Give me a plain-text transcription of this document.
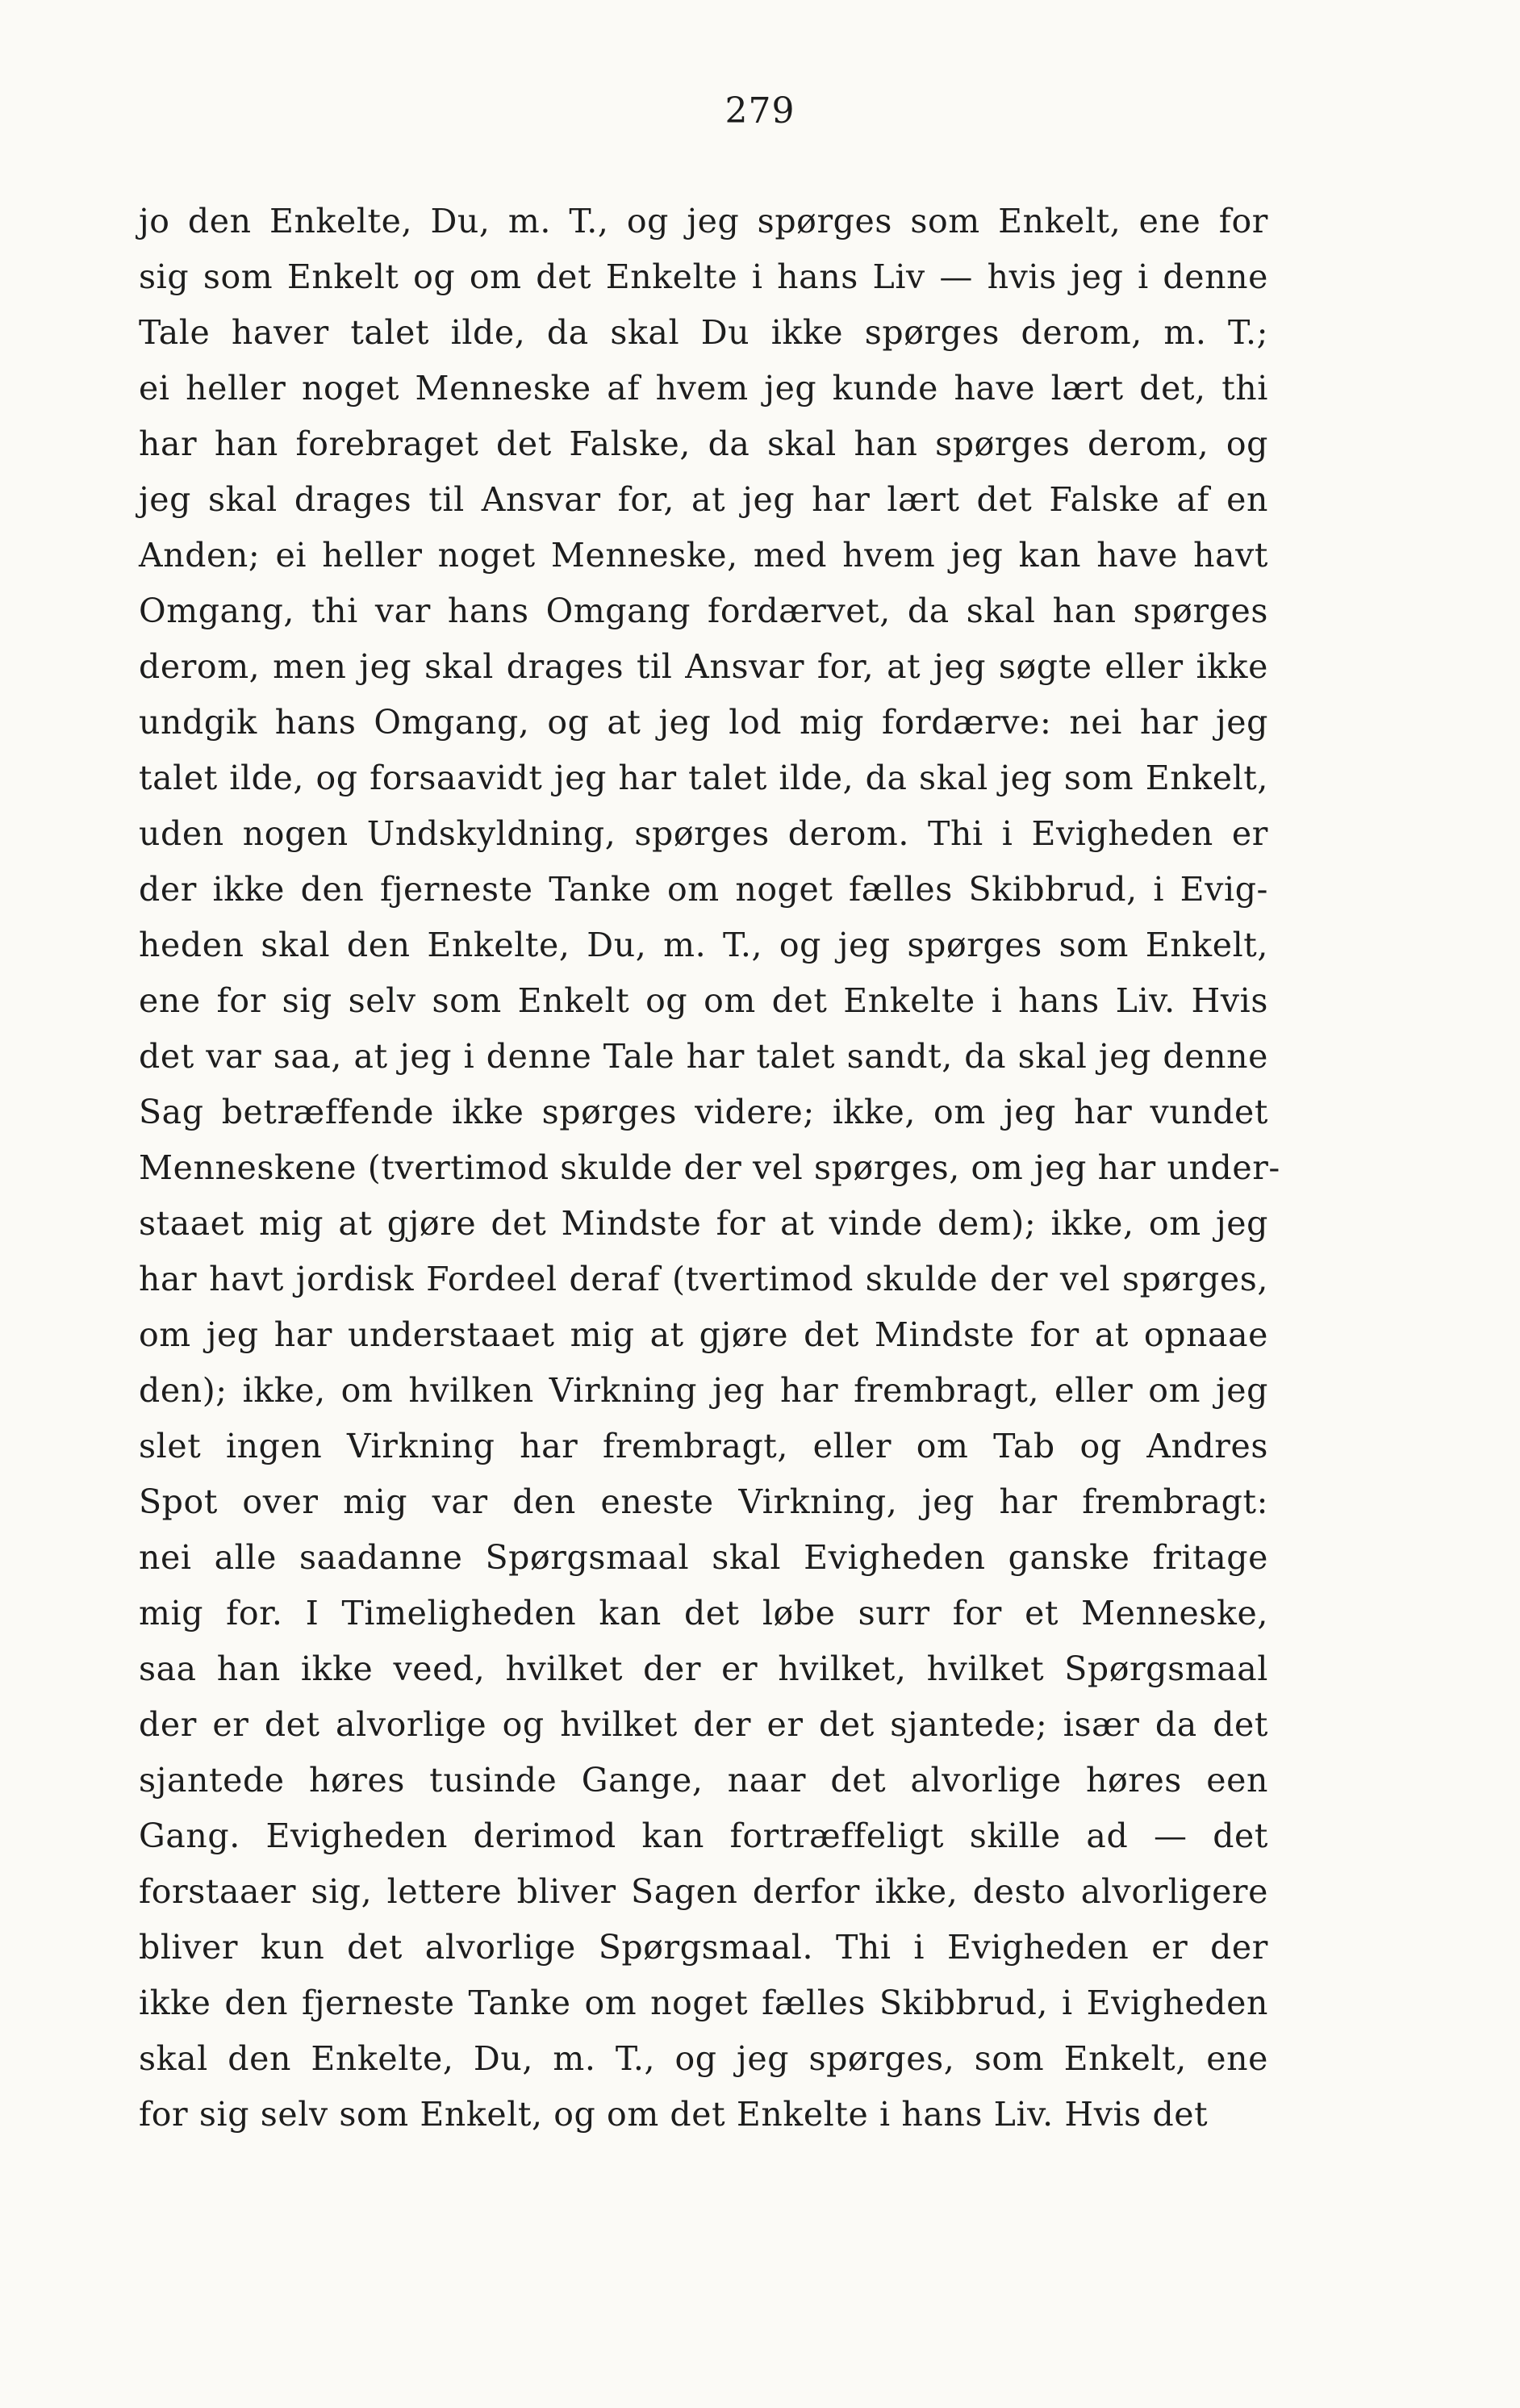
279
jo den Enkelte, Du, m. T., og jeg spørges som Enkelt, ene for
sig som Enkelt og om det Enkelte i hans Liv — hvis jeg i denne
Tale haver talet ilde, da skal Du ikke spørges derom, m. T.;
ei heller noget Menneske af hvem jeg kunde have lært det, thi
har han forebraget det Falske, da skal han spørges derom, og
jeg skal drages til Ansvar for, at jeg har lært det Falske af en
Anden; ei heller noget Menneske, med hvem jeg kan have havt
Omgang, thi var hans Omgang fordærvet, da skal han spørges
derom, men jeg skal drages til Ansvar for, at jeg søgte eller ikke
undgik hans Omgang, og at jeg lod mig fordærve: nei har jeg
talet ilde, og forsaavidt jeg har talet ilde, da skal jeg som Enkelt,
uden nogen Undskyldning, spørges derom. Thi i Evigheden er
der ikke den fjerneste Tanke om noget fælles Skibbrud, i Evig-
heden skal den Enkelte, Du, m. T., og jeg spørges som Enkelt,
ene for sig selv som Enkelt og om det Enkelte i hans Liv. Hvis
det var saa, at jeg i denne Tale har talet sandt, da skal jeg denne
Sag betræffende ikke spørges videre; ikke, om jeg har vundet
Menneskene (tvertimod skulde der vel spørges, om jeg har under-
staaet mig at gjøre det Mindste for at vinde dem); ikke, om jeg
har havt jordisk Fordeel deraf (tvertimod skulde der vel spørges,
om jeg har understaaet mig at gjøre det Mindste for at opnaae
den); ikke, om hvilken Virkning jeg har frembragt, eller om jeg
slet ingen Virkning har frembragt, eller om Tab og Andres
Spot over mig var den eneste Virkning, jeg har frembragt:
nei alle saadanne Spørgsmaal skal Evigheden ganske fritage
mig for. I Timeligheden kan det løbe surr for et Menneske,
saa han ikke veed, hvilket der er hvilket, hvilket Spørgsmaal
der er det alvorlige og hvilket der er det sjantede; især da det
sjantede høres tusinde Gange, naar det alvorlige høres een
Gang. Evigheden derimod kan fortræffeligt skille ad — det
forstaaer sig, lettere bliver Sagen derfor ikke, desto alvorligere
bliver kun det alvorlige Spørgsmaal. Thi i Evigheden er der
ikke den fjerneste Tanke om noget fælles Skibbrud, i Evigheden
skal den Enkelte, Du, m. T., og jeg spørges, som Enkelt, ene
for sig selv som Enkelt, og om det Enkelte i hans Liv. Hvis det
